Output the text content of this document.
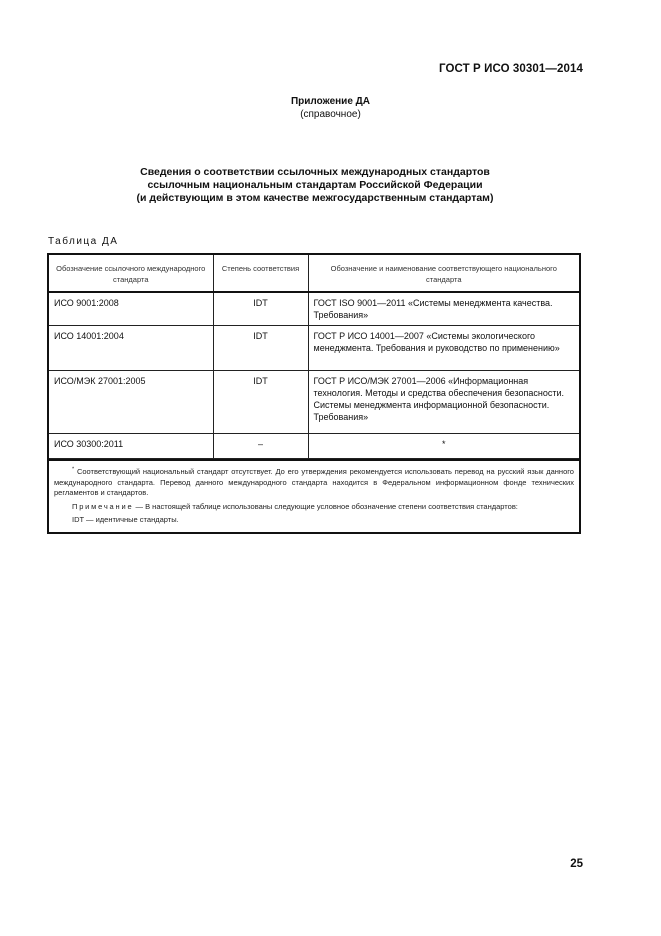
ГОСТ Р ИСО 30301—2014
Приложение ДА
(справочное)
Сведения о соответствии ссылочных международных стандартов
ссылочным национальным стандартам Российской Федерации
(и действующим в этом качестве межгосударственным стандартам)
Таблица ДА
Обозначение ссылочного международного стандарта	Степень соответствия	Обозначение и наименование соответствующего национального стандарта
ИСО 9001:2008	IDT	ГОСТ ISO 9001—2011 «Системы менеджмента качества. Требования»
ИСО 14001:2004	IDT	ГОСТ Р ИСО 14001—2007 «Системы экологического менеджмента. Требования и руководство по применению»
ИСО/МЭК 27001:2005	IDT	ГОСТ Р ИСО/МЭК 27001—2006 «Информационная технология. Методы и средства обеспечения безопасности. Системы менеджмента информационной безопасности. Требования»
ИСО 30300:2011	–	*

* Соответствующий национальный стандарт отсутствует. До его утверждения рекомендуется использовать перевод на русский язык данного международного стандарта. Перевод данного международного стандарта находится в Федеральном информационном фонде технических регламентов и стандартов.

Примечание — В настоящей таблице использованы следующие условное обозначение степени соответствия стандартов:

IDT — идентичные стандарты.

25
